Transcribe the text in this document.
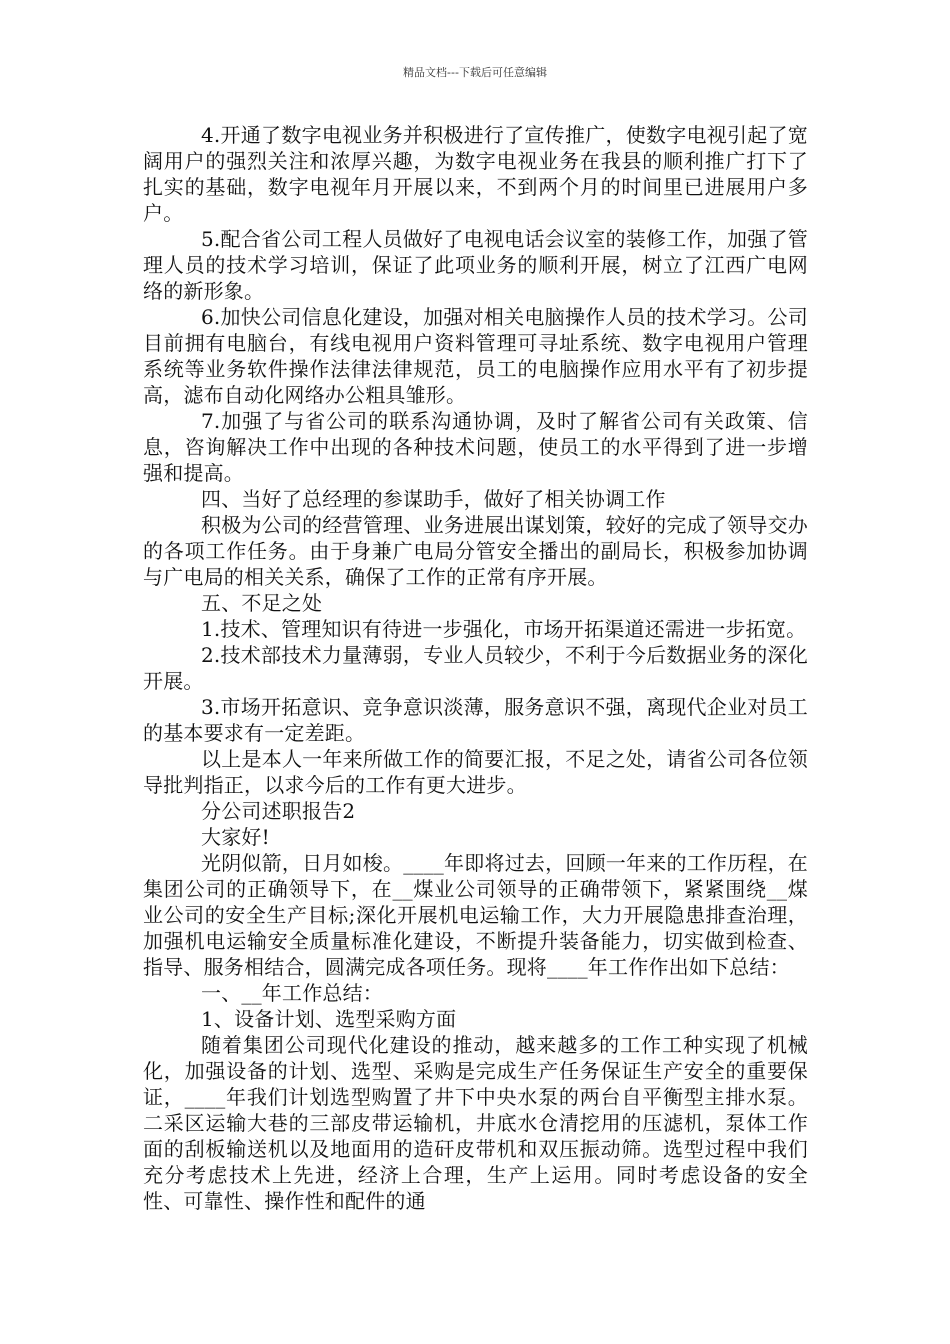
精品文档---下载后可任意编辑

4.开通了数字电视业务并积极进行了宣传推广，使数字电视引起了宽阔用户的强烈关注和浓厚兴趣，为数字电视业务在我县的顺利推广打下了扎实的基础，数字电视年月开展以来，不到两个月的时间里已进展用户多户。

5.配合省公司工程人员做好了电视电话会议室的装修工作，加强了管理人员的技术学习培训，保证了此项业务的顺利开展，树立了江西广电网络的新形象。

6.加快公司信息化建设，加强对相关电脑操作人员的技术学习。公司目前拥有电脑台，有线电视用户资料管理可寻址系统、数字电视用户管理系统等业务软件操作法律法律规范，员工的电脑操作应用水平有了初步提高，滤布自动化网络办公粗具雏形。

7.加强了与省公司的联系沟通协调，及时了解省公司有关政策、信息，咨询解决工作中出现的各种技术问题，使员工的水平得到了进一步增强和提高。

四、当好了总经理的参谋助手，做好了相关协调工作

积极为公司的经营管理、业务进展出谋划策，较好的完成了领导交办的各项工作任务。由于身兼广电局分管安全播出的副局长，积极参加协调与广电局的相关关系，确保了工作的正常有序开展。

五、不足之处

1.技术、管理知识有待进一步强化，市场开拓渠道还需进一步拓宽。

2.技术部技术力量薄弱，专业人员较少，不利于今后数据业务的深化开展。

3.市场开拓意识、竞争意识淡薄，服务意识不强，离现代企业对员工的基本要求有一定差距。

以上是本人一年来所做工作的简要汇报，不足之处，请省公司各位领导批判指正，以求今后的工作有更大进步。

分公司述职报告2

大家好!

光阴似箭，日月如梭。____年即将过去，回顾一年来的工作历程，在集团公司的正确领导下，在__煤业公司领导的正确带领下，紧紧围绕__煤业公司的安全生产目标;深化开展机电运输工作，大力开展隐患排查治理，加强机电运输安全质量标准化建设，不断提升装备能力，切实做到检查、指导、服务相结合，圆满完成各项任务。现将____年工作作出如下总结：

一、__年工作总结：

1、设备计划、选型采购方面

随着集团公司现代化建设的推动，越来越多的工作工种实现了机械化，加强设备的计划、选型、采购是完成生产任务保证生产安全的重要保证，____年我们计划选型购置了井下中央水泵的两台自平衡型主排水泵。二采区运输大巷的三部皮带运输机，井底水仓清挖用的压滤机，泵体工作面的刮板输送机以及地面用的造矸皮带机和双压振动筛。选型过程中我们充分考虑技术上先进，经济上合理，生产上运用。同时考虑设备的安全性、可靠性、操作性和配件的通
